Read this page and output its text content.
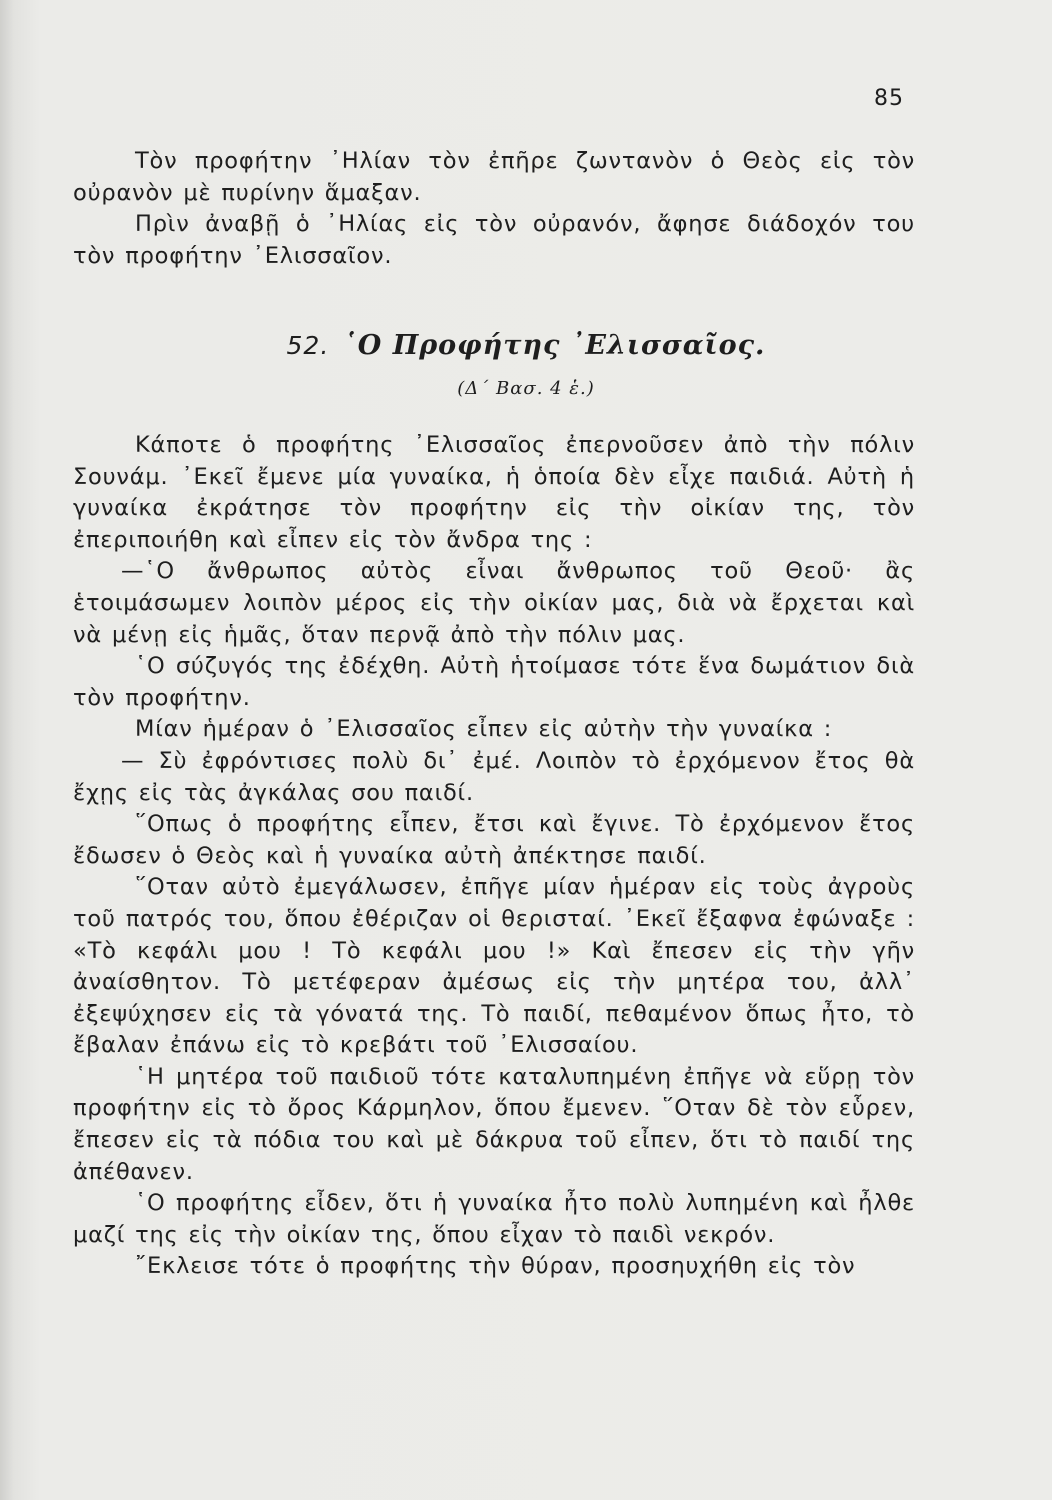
85

Τὸν προφήτην ᾿Ηλίαν τὸν ἐπῆρε ζωντανὸν ὁ Θεὸς εἰς τὸν οὐρανὸν μὲ πυρίνην ἅμαξαν.

Πρὶν ἀναβῇ ὁ ᾿Ηλίας εἰς τὸν οὐρανόν, ἄφησε διάδοχόν του τὸν προφήτην ᾿Ελισσαῖον.

52. ῾Ο Προφήτης ᾿Ελισσαῖος.
(Δ΄ Βασ. 4 ἑ.)

Κάποτε ὁ προφήτης ᾿Ελισσαῖος ἐπερνοῦσεν ἀπὸ τὴν πόλιν Σουνάμ. ᾿Εκεῖ ἔμενε μία γυναίκα, ἡ ὁποία δὲν εἶχε παιδιά. Αὐτὴ ἡ γυναίκα ἐκράτησε τὸν προφήτην εἰς τὴν οἰκίαν της, τὸν ἐπεριποιήθη καὶ εἶπεν εἰς τὸν ἄνδρα της :

—῾Ο ἄνθρωπος αὐτὸς εἶναι ἄνθρωπος τοῦ Θεοῦ· ἂς ἑτοιμάσωμεν λοιπὸν μέρος εἰς τὴν οἰκίαν μας, διὰ νὰ ἔρχεται καὶ νὰ μένῃ εἰς ἡμᾶς, ὅταν περνᾷ ἀπὸ τὴν πόλιν μας.

῾Ο σύζυγός της ἐδέχθη. Αὐτὴ ἡτοίμασε τότε ἕνα δωμάτιον διὰ τὸν προφήτην.

Μίαν ἡμέραν ὁ ᾿Ελισσαῖος εἶπεν εἰς αὐτὴν τὴν γυναίκα :

— Σὺ ἐφρόντισες πολὺ δι᾿ ἐμέ. Λοιπὸν τὸ ἐρχόμενον ἔτος θὰ ἔχῃς εἰς τὰς ἀγκάλας σου παιδί.

῞Οπως ὁ προφήτης εἶπεν, ἔτσι καὶ ἔγινε. Τὸ ἐρχόμενον ἔτος ἔδωσεν ὁ Θεὸς καὶ ἡ γυναίκα αὐτὴ ἀπέκτησε παιδί.

῞Οταν αὐτὸ ἐμεγάλωσεν, ἐπῆγε μίαν ἡμέραν εἰς τοὺς ἀγροὺς τοῦ πατρός του, ὅπου ἐθέριζαν οἱ θερισταί. ᾿Εκεῖ ἔξαφνα ἐφώναξε : «Τὸ κεφάλι μου ! Τὸ κεφάλι μου !» Καὶ ἔπεσεν εἰς τὴν γῆν ἀναίσθητον. Τὸ μετέφεραν ἀμέσως εἰς τὴν μητέρα του, ἀλλ᾿ ἐξεψύχησεν εἰς τὰ γόνατά της. Τὸ παιδί, πεθαμένον ὅπως ἦτο, τὸ ἔβαλαν ἐπάνω εἰς τὸ κρεβάτι τοῦ ᾿Ελισσαίου.

῾Η μητέρα τοῦ παιδιοῦ τότε καταλυπημένη ἐπῆγε νὰ εὕρῃ τὸν προφήτην εἰς τὸ ὄρος Κάρμηλον, ὅπου ἔμενεν. ῞Οταν δὲ τὸν εὗρεν, ἔπεσεν εἰς τὰ πόδια του καὶ μὲ δάκρυα τοῦ εἶπεν, ὅτι τὸ παιδί της ἀπέθανεν.

῾Ο προφήτης εἶδεν, ὅτι ἡ γυναίκα ἦτο πολὺ λυπημένη καὶ ἦλθε μαζί της εἰς τὴν οἰκίαν της, ὅπου εἶχαν τὸ παιδὶ νεκρόν.

῎Εκλεισε τότε ὁ προφήτης τὴν θύραν, προσηυχήθη εἰς τὸν
